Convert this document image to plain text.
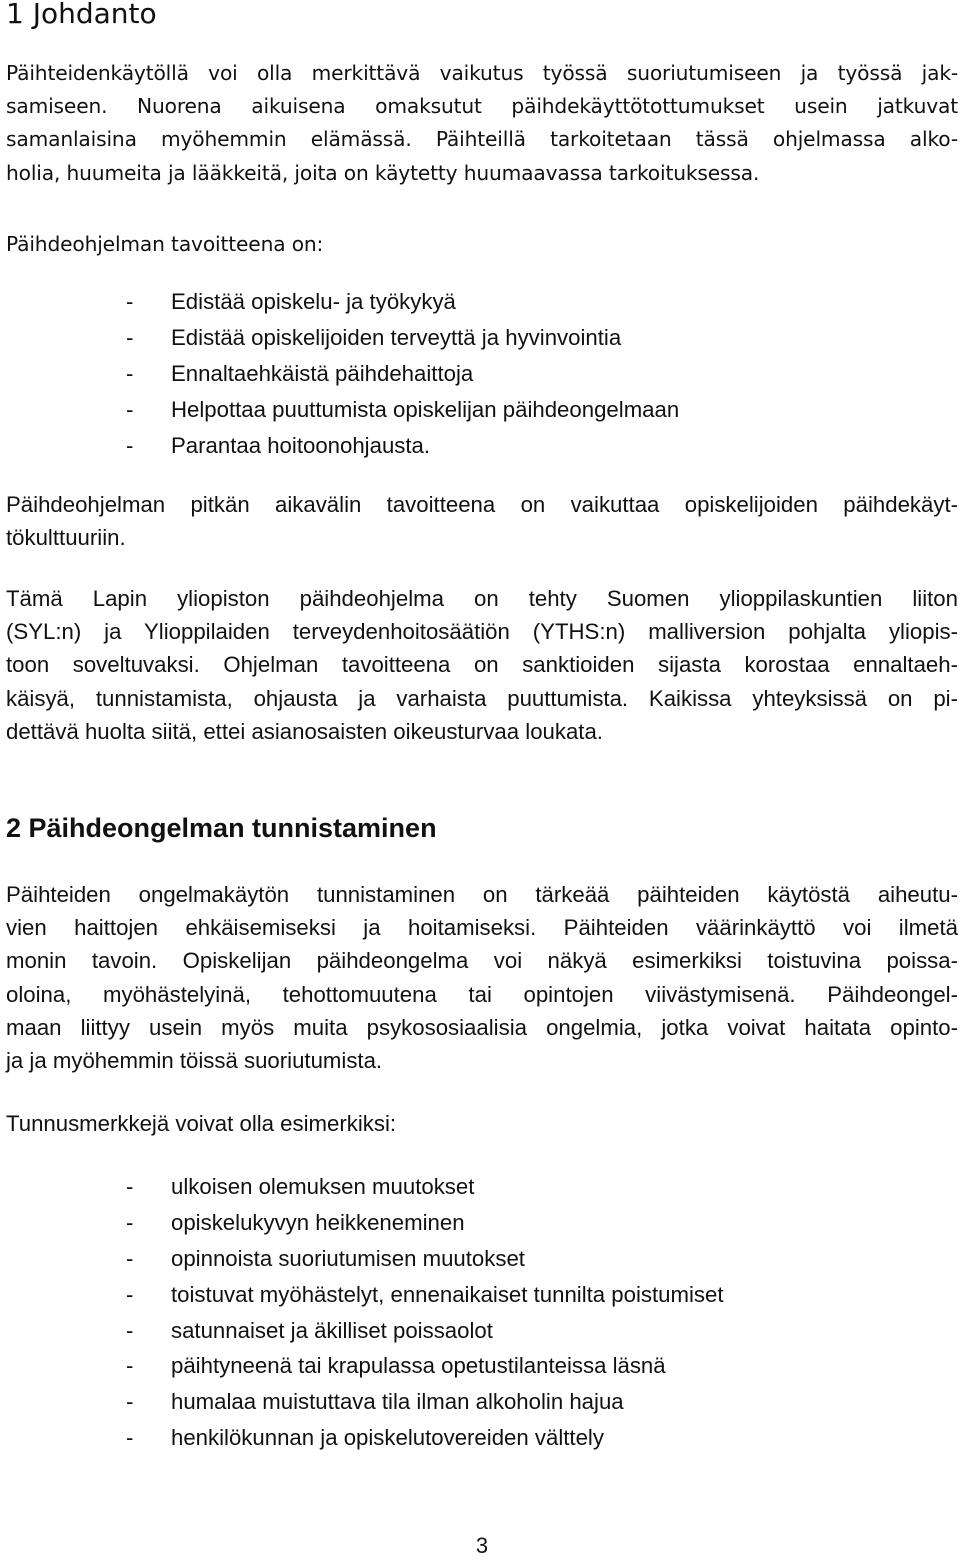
1 Johdanto

Päihteidenkäytöllä voi olla merkittävä vaikutus työssä suoriutumiseen ja työssä jak-
samiseen. Nuorena aikuisena omaksutut päihdekäyttötottumukset usein jatkuvat
samanlaisina myöhemmin elämässä. Päihteillä tarkoitetaan tässä ohjelmassa alko-
holia, huumeita ja lääkkeitä, joita on käytetty huumaavassa tarkoituksessa.

Päihdeohjelman tavoitteena on:

- Edistää opiskelu- ja työkykyä
- Edistää opiskelijoiden terveyttä ja hyvinvointia
- Ennaltaehkäistä päihdehaittoja
- Helpottaa puuttumista opiskelijan päihdeongelmaan
- Parantaa hoitoonohjausta.

Päihdeohjelman pitkän aikavälin tavoitteena on vaikuttaa opiskelijoiden päihdekäyt-
tökulttuuriin.

Tämä Lapin yliopiston päihdeohjelma on tehty Suomen ylioppilaskuntien liiton
(SYL:n) ja Ylioppilaiden terveydenhoitosäätiön (YTHS:n) malliversion pohjalta yliopis-
toon soveltuvaksi. Ohjelman tavoitteena on sanktioiden sijasta korostaa ennaltaeh-
käisyä, tunnistamista, ohjausta ja varhaista puuttumista. Kaikissa yhteyksissä on pi-
dettävä huolta siitä, ettei asianosaisten oikeusturvaa loukata.

2 Päihdeongelman tunnistaminen

Päihteiden ongelmakäytön tunnistaminen on tärkeää päihteiden käytöstä aiheutu-
vien haittojen ehkäisemiseksi ja hoitamiseksi. Päihteiden väärinkäyttö voi ilmetä
monin tavoin. Opiskelijan päihdeongelma voi näkyä esimerkiksi toistuvina poissa-
oloina, myöhästelyinä, tehottomuutena tai opintojen viivästymisenä. Päihdeongel-
maan liittyy usein myös muita psykososiaalisia ongelmia, jotka voivat haitata opinto-
ja ja myöhemmin töissä suoriutumista.

Tunnusmerkkejä voivat olla esimerkiksi:

- ulkoisen olemuksen muutokset
- opiskelukyvyn heikkeneminen
- opinnoista suoriutumisen muutokset
- toistuvat myöhästelyt, ennenaikaiset tunnilta poistumiset
- satunnaiset ja äkilliset poissaolot
- päihtyneenä tai krapulassa opetustilanteissa läsnä
- humalaa muistuttava tila ilman alkoholin hajua
- henkilökunnan ja opiskelutovereiden välttely
3
